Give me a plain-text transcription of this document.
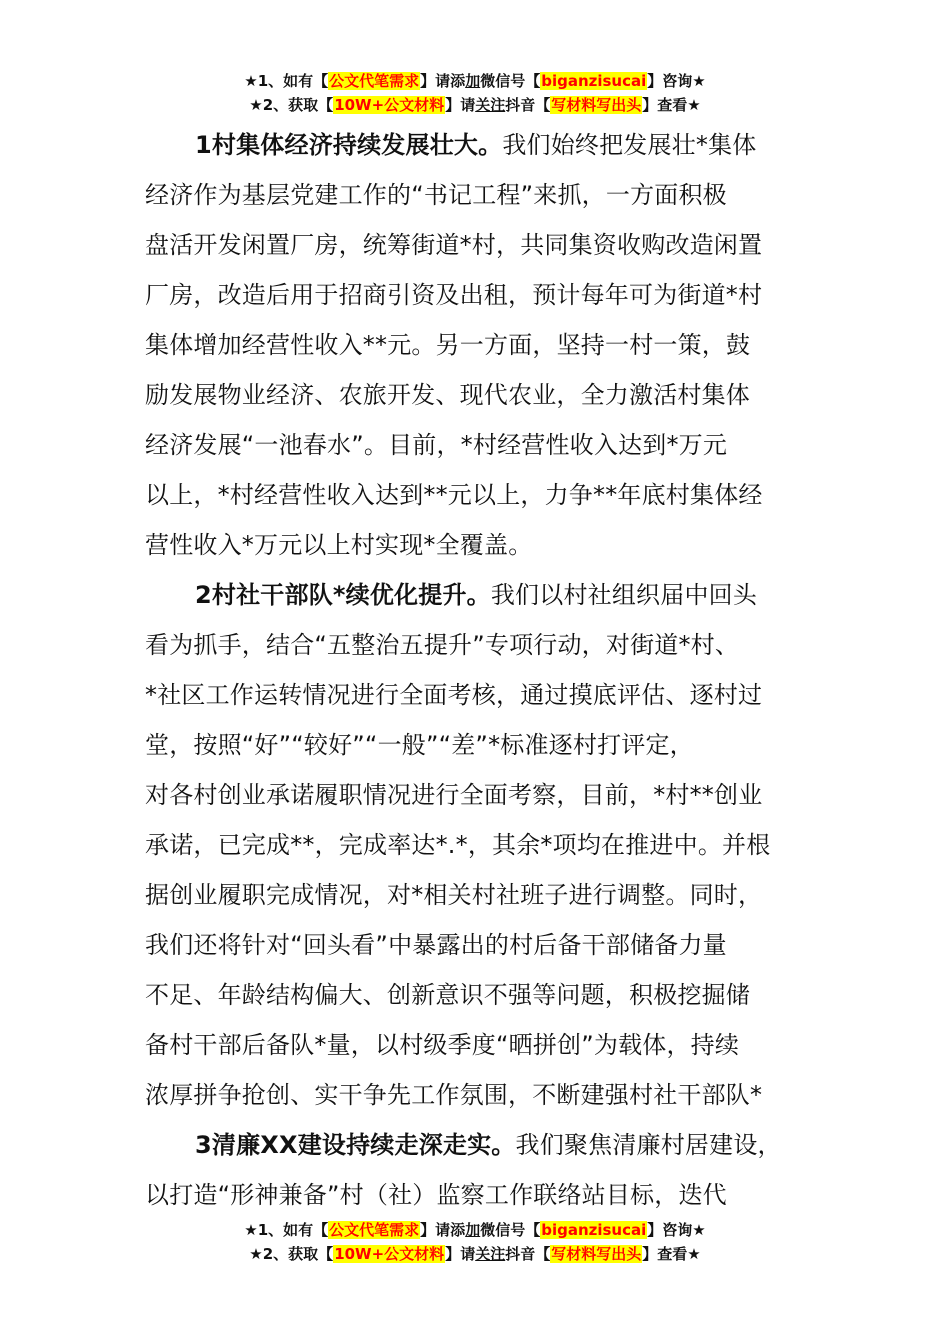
★1、如有【公文代笔需求】请添加微信号【biganzisucai】咨询★
★2、获取【10W+公文材料】请关注抖音【写材料写出头】查看★
1村集体经济持续发展壮大。我们始终把发展壮*集体
经济作为基层党建工作的“书记工程”来抓，一方面积极
盘活开发闲置厂房，统筹街道*村，共同集资收购改造闲置
厂房，改造后用于招商引资及出租，预计每年可为街道*村
集体增加经营性收入**元。另一方面，坚持一村一策，鼓
励发展物业经济、农旅开发、现代农业，全力激活村集体
经济发展“一池春水”。目前，*村经营性收入达到*万元
以上，*村经营性收入达到**元以上，力争**年底村集体经
营性收入*万元以上村实现*全覆盖。
2村社干部队*续优化提升。我们以村社组织届中回头
看为抓手，结合“五整治五提升”专项行动，对街道*村、
*社区工作运转情况进行全面考核，通过摸底评估、逐村过
堂，按照“好”“较好”“一般”“差”*标准逐村打评定，
对各村创业承诺履职情况进行全面考察，目前，*村**创业
承诺，已完成**，完成率达*.*，其余*项均在推进中。并根
据创业履职完成情况，对*相关村社班子进行调整。同时，
我们还将针对“回头看”中暴露出的村后备干部储备力量
不足、年龄结构偏大、创新意识不强等问题，积极挖掘储
备村干部后备队*量，以村级季度“晒拼创”为载体，持续
浓厚拼争抢创、实干争先工作氛围，不断建强村社干部队*
3清廉XX建设持续走深走实。我们聚焦清廉村居建设，
以打造“形神兼备”村（社）监察工作联络站目标，迭代
★1、如有【公文代笔需求】请添加微信号【biganzisucai】咨询★
★2、获取【10W+公文材料】请关注抖音【写材料写出头】查看★
